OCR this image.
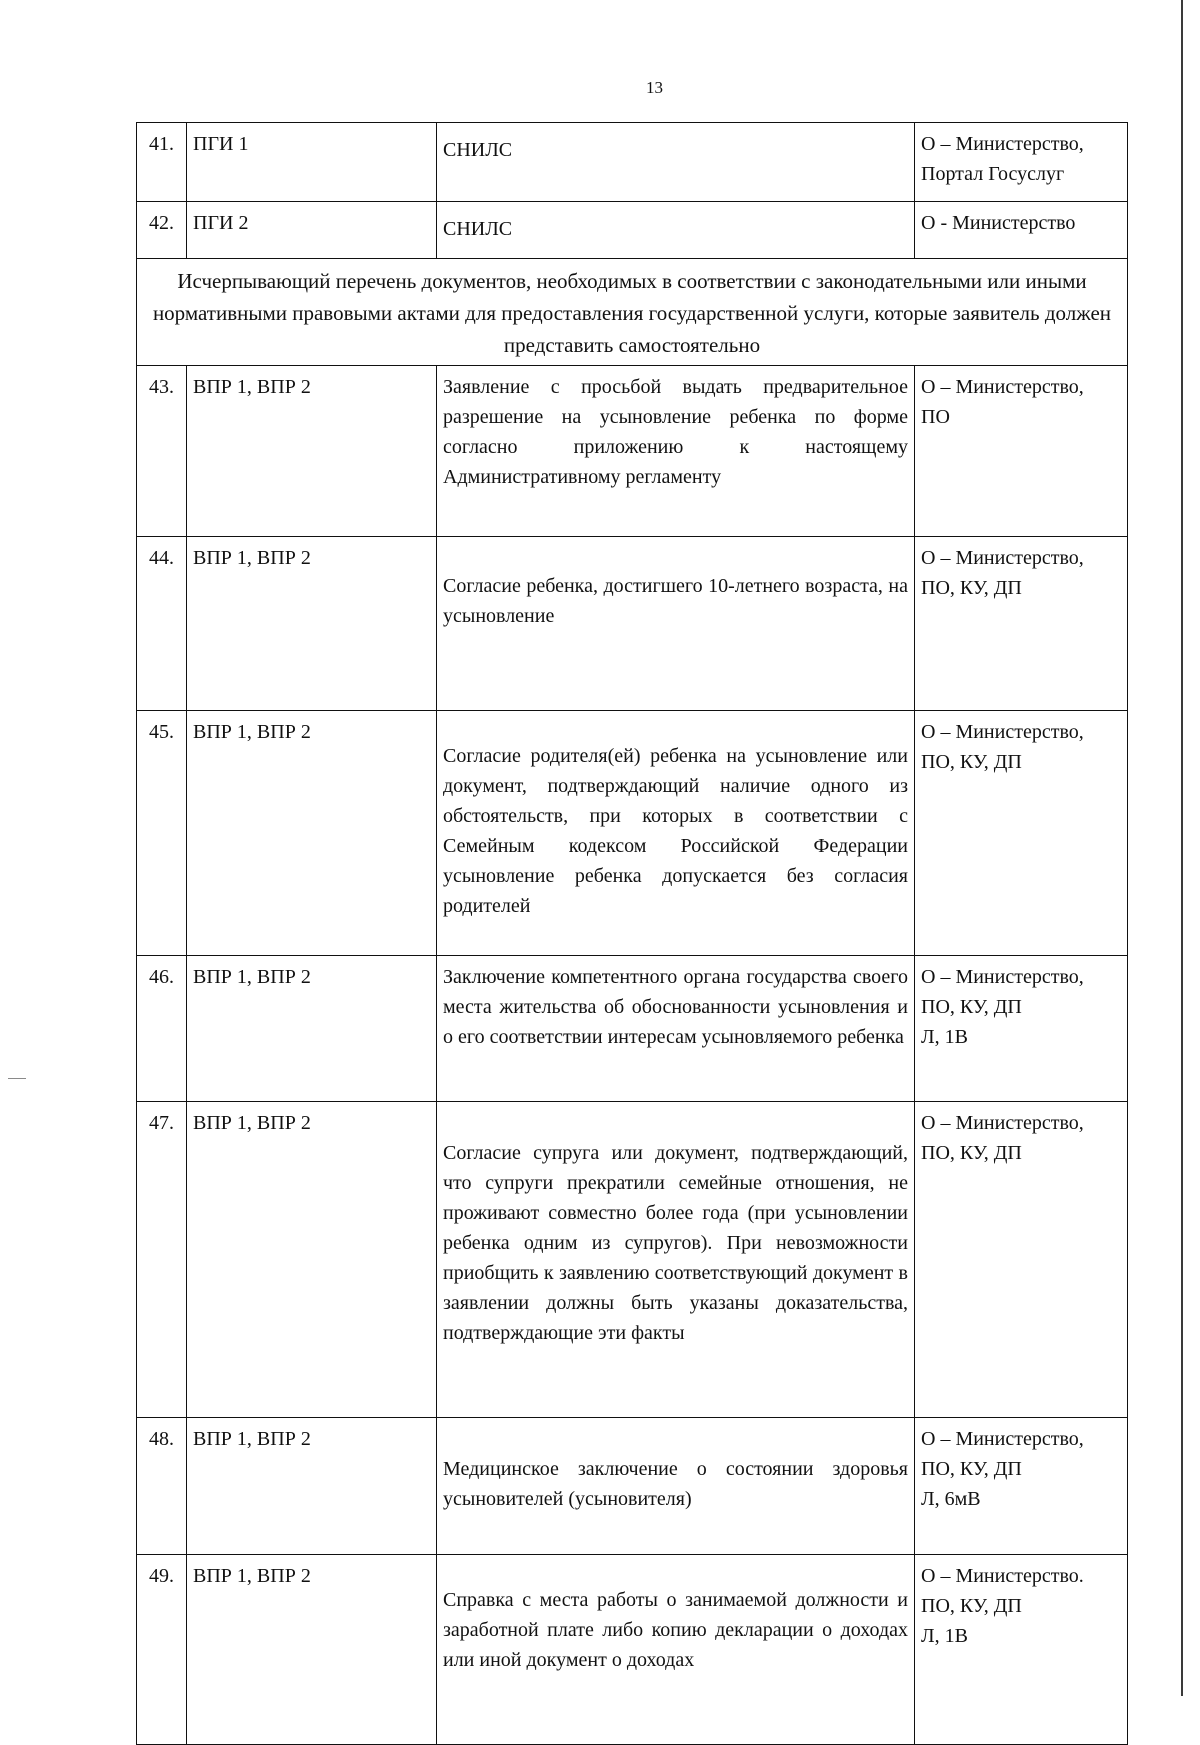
13
41.	ПГИ 1	СНИЛС	О – Министерство,
Портал Госуслуг

42.	ПГИ 2	СНИЛС	О - Министерство

Исчерпывающий перечень документов, необходимых в соответствии с законодательными или иными нормативными правовыми актами для предоставления государственной услуги, которые заявитель должен представить самостоятельно			
43.	ВПР 1, ВПР 2	Заявление с просьбой выдать предварительное разрешение на усыновление ребенка по форме согласно приложению к настоящему Административному регламенту	О – Министерство,
ПО

44.	ВПР 1, ВПР 2	Согласие ребенка, достигшего 10-летнего возраста, на усыновление	О – Министерство,
ПО, КУ, ДП

45.	ВПР 1, ВПР 2	Согласие родителя(ей) ребенка на усыновление или документ, подтверждающий наличие одного из обстоятельств, при которых в соответствии с Семейным кодексом Российской Федерации усыновление ребенка допускается без согласия родителей	О – Министерство,
ПО, КУ, ДП

46.	ВПР 1, ВПР 2	Заключение компетентного органа государства своего места жительства об обоснованности усыновления и о его соответствии интересам усыновляемого ребенка	О – Министерство,
ПО, КУ, ДП
Л, 1В

47.	ВПР 1, ВПР 2	Согласие супруга или документ, подтверждающий, что супруги прекратили семейные отношения, не проживают совместно более года (при усыновлении ребенка одним из супругов). При невозможности приобщить к заявлению соответствующий документ в заявлении должны быть указаны доказательства, подтверждающие эти факты	О – Министерство,
ПО, КУ, ДП

48.	ВПР 1, ВПР 2	Медицинское заключение о состоянии здоровья усыновителей (усыновителя)	О – Министерство,
ПО, КУ, ДП
Л, 6мВ

49.	ВПР 1, ВПР 2	Справка с места работы о занимаемой должности и заработной плате либо копию декларации о доходах или иной документ о доходах	О – Министерство.
ПО, КУ, ДП
Л, 1В
